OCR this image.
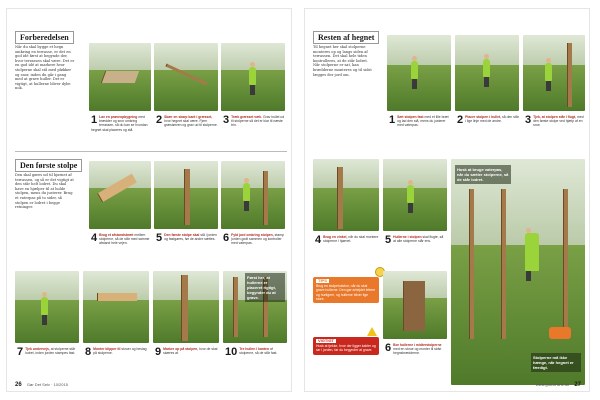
Forberedelsen
Når du skal bygge et hegn omkring en terrasse, er det en god idé først at begynde der, hvor terrassen skal være. Det er en god idé at markere hvor stolperne skal stå med pløkker og snor, inden du går i gang med at grave huller. Det er vigtigt, at hullerne bliver dybe nok.
1 Lav en prøveopbygning med brædder og snor omkring terrassen, så du kan se hvordan hegnet skal placeres og stå.
2 Skær en skarp kant i græsset, hvor hegnet skal være. Fjern græstørven og grav ud til stolperne. 3 Træk græsset væk. Grav hullet ud til stolperne så det er klar til næste trin.
Den første stolpe
Den skal gøres ud til hjørnet af terrassen, og så er det vigtigt at den står helt lodret. Du skal have en hjælper til at holde stolpen, mens du justerer. Brug et vaterpas på to sider, så stolpen er lodret i begge retninger.
4 Brug et afstandsbræt mellem stolperne, så de står med samme afstand hele vejen.	5 Den første stolpe skal stå i jorden og fastgøres, før de andre sættes. 6 Fyld jord omkring stolpen, stamp jorden godt sammen og kontroller med vaterpas.
Først her, at hullerne er placeret rigtigt, begynder du at grave.
7 Tjek undervejs, at stolperne står lodret, inden jorden stampes fast. 8 Monter klipper til skruer og beslag på stolperne.	9 Marker op på stolpen, hvor de skal skæres af.	10 Tre hullen i kanten af stolperne, så de står fast.
26 Gør Det Selv · 10/2015
Resten af hegnet
Til hegnet her skal stolperne monteres op og langs siden af terrassen. Det skal hele tiden kontrolleres, at de står lodret. Når stolperne er sat, kan brædderne monteres og til sidst lægges der jord om.
1 Sæt stolpen fast med et lille bræt og lad den stå, mens du justerer med vaterpas.	2 Placer stolpen i hullet, så den står i lige linje med de andre.	3 Tjek, at stolpen står i flugt, med den første stolpe ved hjælp af en snor.
4 Brug en vinkel, når du skal montere stolperne i hjørnet.	5 Hullerne i stolpen skal flugte, så at alle stolperne står ens.
Husk at bruge vaterpas, når du sætter stolperne, så de står lodret.
Stolperne må ikke hænge, når hegnet er færdigt.
TIPS
Brug en stolpehulsbor, når du skal grave hullerne. Den gør arbejdet lettere og hurtigere, og hullerne bliver lige store.
VIGTIGT
Husk at tjekke, hvor der ligger kabler og rør i jorden, før du begynder at grave.	6 Bor hullerne i midterstolperne med en skrue og monter til sidst hegnsbrædderne.
www.gds-online.dk 27
